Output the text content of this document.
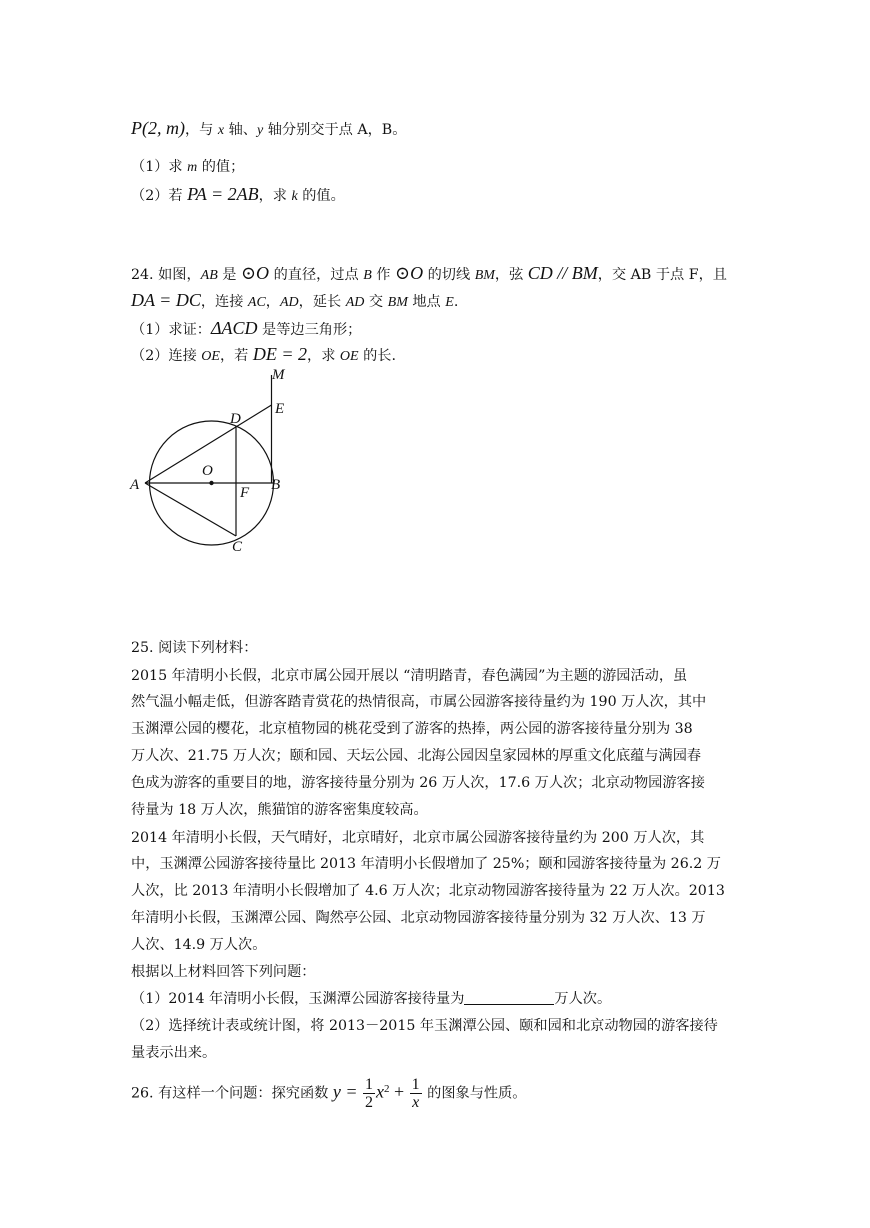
P(2, m)，与 x 轴、y 轴分别交于点 A，B。
（1）求 m 的值；
（2）若 PA = 2AB，求 k 的值。
24. 如图，AB 是 ⊙O 的直径，过点 B 作 ⊙O 的切线 BM，弦 CD // BM，交 AB 于点 F，且
DA = DC，连接 AC，AD，延长 AD 交 BM 地点 E.
（1）求证：ΔACD 是等边三角形；
（2）连接 OE，若 DE = 2，求 OE 的长.
M
E
D
O
A	F B
C
25. 阅读下列材料：
2015 年清明小长假，北京市属公园开展以 “清明踏青，春色满园”为主题的游园活动，虽
然气温小幅走低，但游客踏青赏花的热情很高，市属公园游客接待量约为 190 万人次，其中
玉渊潭公园的樱花，北京植物园的桃花受到了游客的热捧，两公园的游客接待量分别为 38
万人次、21.75 万人次；颐和园、天坛公园、北海公园因皇家园林的厚重文化底蕴与满园春
色成为游客的重要目的地，游客接待量分别为 26 万人次，17.6 万人次；北京动物园游客接
待量为 18 万人次，熊猫馆的游客密集度较高。
2014 年清明小长假，天气晴好，北京晴好，北京市属公园游客接待量约为 200 万人次，其
中，玉渊潭公园游客接待量比 2013 年清明小长假增加了 25%；颐和园游客接待量为 26.2 万
人次，比 2013 年清明小长假增加了 4.6 万人次；北京动物园游客接待量为 22 万人次。2013
年清明小长假，玉渊潭公园、陶然亭公园、北京动物园游客接待量分别为 32 万人次、13 万
人次、14.9 万人次。
根据以上材料回答下列问题：
（1）2014 年清明小长假，玉渊潭公园游客接待量为	万人次。
（2）选择统计表或统计图，将 2013－2015 年玉渊潭公园、颐和园和北京动物园的游客接待
量表示出来。
26. 有这样一个问题：探究函数 $y = \frac{1}{2} x^2 + \frac{1}{x}$ 的图象与性质。
